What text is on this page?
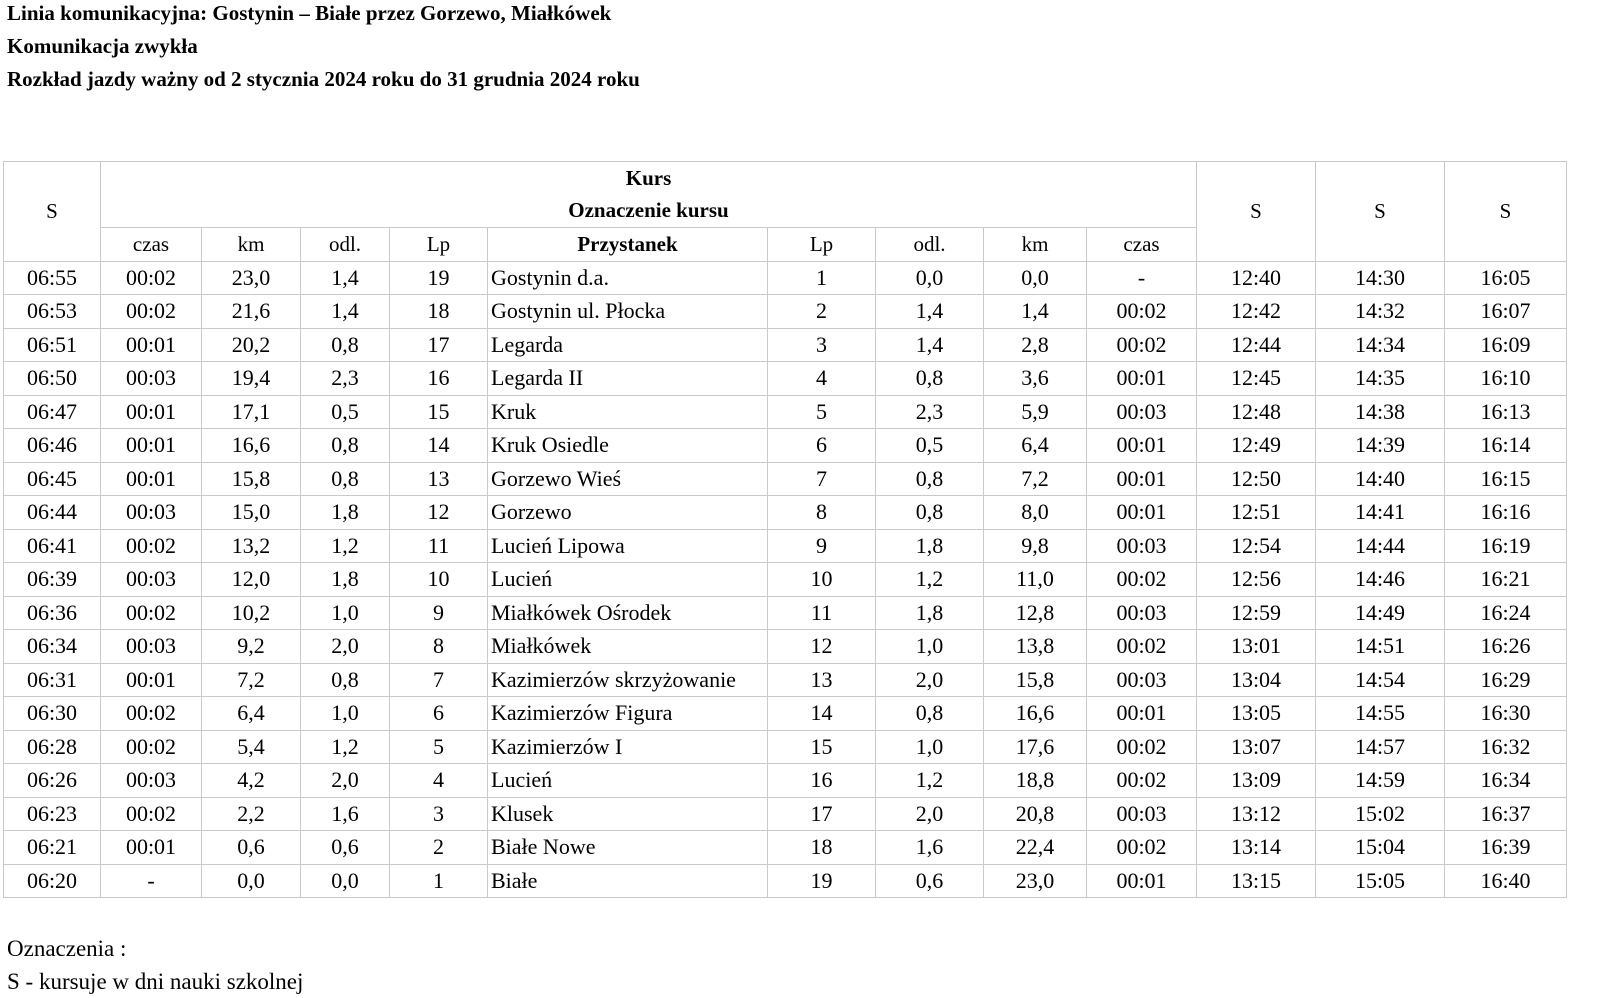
Linia komunikacyjna: Gostynin – Białe przez Gorzewo, Miałkówek
Komunikacja zwykła
Rozkład jazdy ważny od 2 stycznia 2024 roku do 31 grudnia 2024 roku
S	Kurs									S	S	S
	Oznaczenie kursu											
	czas	km	odl.	Lp	Przystanek	Lp	odl.	km	czas			
06:55	00:02	23,0	1,4	19	Gostynin d.a.	1	0,0	0,0	-	12:40	14:30	16:05
06:53	00:02	21,6	1,4	18	Gostynin ul. Płocka	2	1,4	1,4	00:02	12:42	14:32	16:07
06:51	00:01	20,2	0,8	17	Legarda	3	1,4	2,8	00:02	12:44	14:34	16:09
06:50	00:03	19,4	2,3	16	Legarda II	4	0,8	3,6	00:01	12:45	14:35	16:10
06:47	00:01	17,1	0,5	15	Kruk	5	2,3	5,9	00:03	12:48	14:38	16:13
06:46	00:01	16,6	0,8	14	Kruk Osiedle	6	0,5	6,4	00:01	12:49	14:39	16:14
06:45	00:01	15,8	0,8	13	Gorzewo Wieś	7	0,8	7,2	00:01	12:50	14:40	16:15
06:44	00:03	15,0	1,8	12	Gorzewo	8	0,8	8,0	00:01	12:51	14:41	16:16
06:41	00:02	13,2	1,2	11	Lucień Lipowa	9	1,8	9,8	00:03	12:54	14:44	16:19
06:39	00:03	12,0	1,8	10	Lucień	10	1,2	11,0	00:02	12:56	14:46	16:21
06:36	00:02	10,2	1,0	9	Miałkówek Ośrodek	11	1,8	12,8	00:03	12:59	14:49	16:24
06:34	00:03	9,2	2,0	8	Miałkówek	12	1,0	13,8	00:02	13:01	14:51	16:26
06:31	00:01	7,2	0,8	7	Kazimierzów skrzyżowanie	13	2,0	15,8	00:03	13:04	14:54	16:29
06:30	00:02	6,4	1,0	6	Kazimierzów Figura	14	0,8	16,6	00:01	13:05	14:55	16:30
06:28	00:02	5,4	1,2	5	Kazimierzów I	15	1,0	17,6	00:02	13:07	14:57	16:32
06:26	00:03	4,2	2,0	4	Lucień	16	1,2	18,8	00:02	13:09	14:59	16:34
06:23	00:02	2,2	1,6	3	Klusek	17	2,0	20,8	00:03	13:12	15:02	16:37
06:21	00:01	0,6	0,6	2	Białe Nowe	18	1,6	22,4	00:02	13:14	15:04	16:39
06:20	-	0,0	0,0	1	Białe	19	0,6	23,0	00:01	13:15	15:05	16:40
Oznaczenia :
S - kursuje w dni nauki szkolnej
